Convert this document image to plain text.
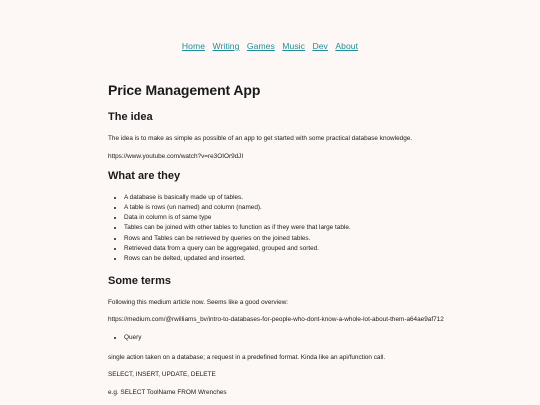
Home Writing Games Music Dev About
Price Management App
The idea

The idea is to make as simple as possible of an app to get started with some practical database knowledge.

https://www.youtube.com/watch?v=re3OIOr9dJI

What are they
• A database is basically made up of tables.
• A table is rows (un named) and column (named).
• Data in column is of same type
• Tables can be joined with other tables to function as if they were that large table.
• Rows and Tables can be retrieved by queries on the joined tables.
• Retrieved data from a query can be aggregated, grouped and sorted.
• Rows can be delted, updated and inserted.
Some terms

Following this medium article now. Seems like a good overview:

https://medium.com/@rwilliams_bv/intro-to-databases-for-people-who-dont-know-a-whole-lot-about-them-a64ae9af712

• Query

single action taken on a database; a request in a predefined format. Kinda like an api/function call.

SELECT, INSERT, UPDATE, DELETE

e.g. SELECT ToolName FROM Wrenches
